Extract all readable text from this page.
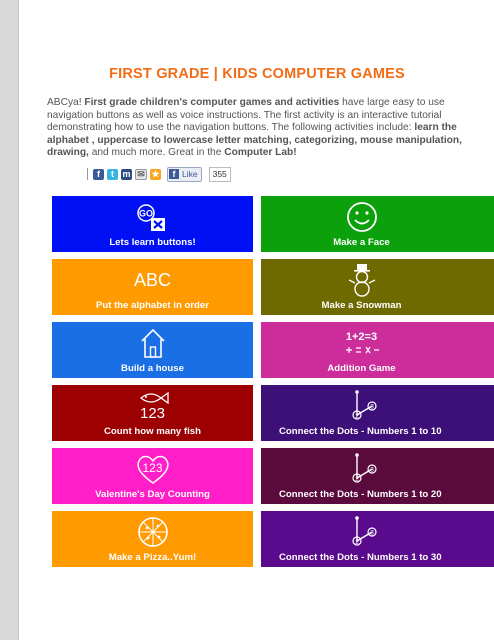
FIRST GRADE | KIDS COMPUTER GAMES
ABCya! First grade children's computer games and activities have large easy to use navigation buttons as well as voice instructions. The first activity is an interactive tutorial demonstrating how to use the navigation buttons. The following activities include: learn the alphabet , uppercase to lowercase letter matching, categorizing, mouse manipulation, drawing, and much more. Great in the Computer Lab!
f	t m ✉ ★	f Like	355
GO
Lets learn buttons!	Make a Face
ABC
Put the alphabet in order	Make a Snowman
Build a house
1+2=3
Addition Game
123
Count how many fish
2
3
Connect the Dots - Numbers 1 to 10
123
Valentine's Day Counting
2
3
Connect the Dots - Numbers 1 to 20
Make a Pizza..Yum!
2
3
Connect the Dots - Numbers 1 to 30
